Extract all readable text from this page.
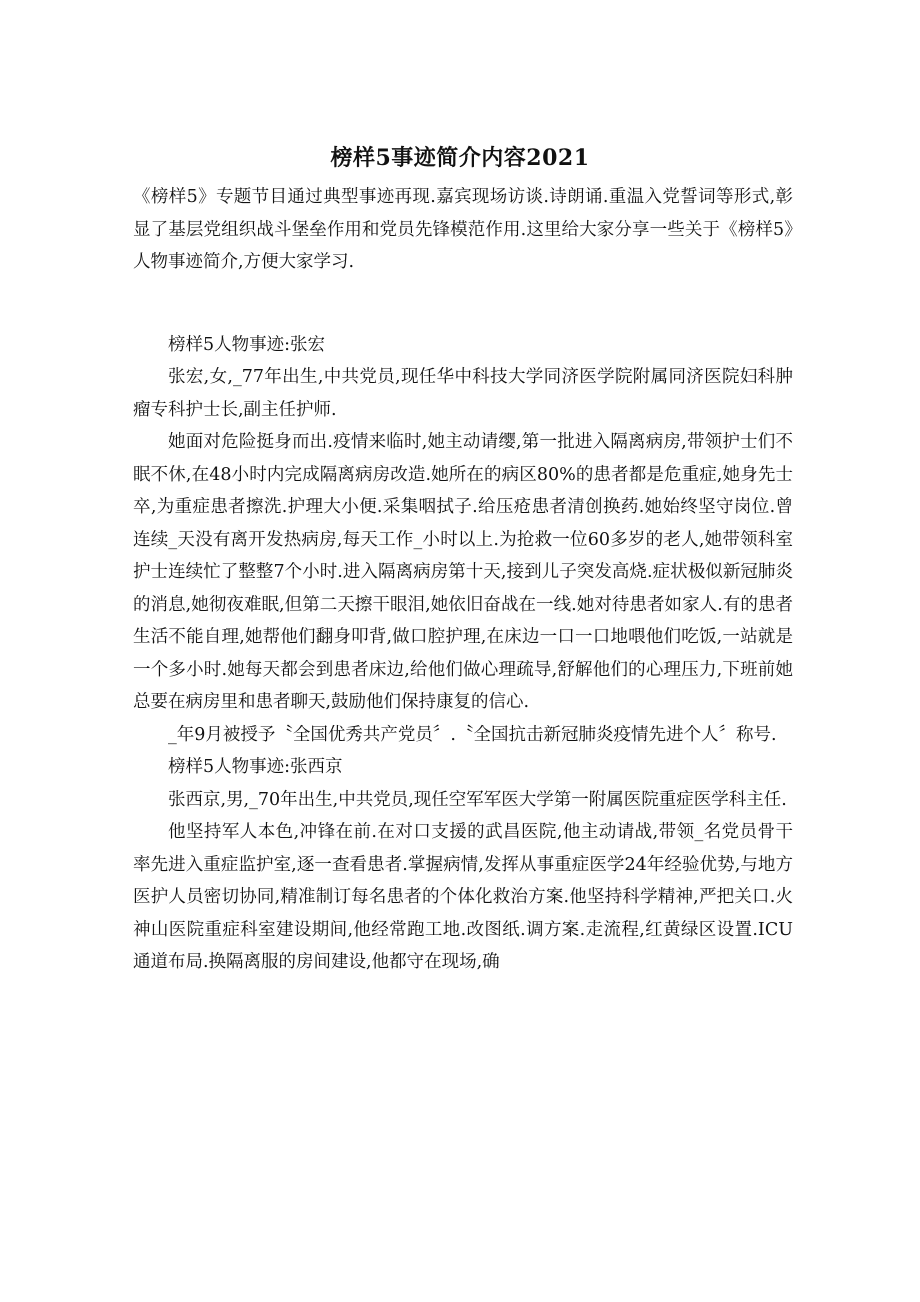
榜样5事迹简介内容2021

《榜样5》专题节目通过典型事迹再现.嘉宾现场访谈.诗朗诵.重温入党誓词等形式,彰显了基层党组织战斗堡垒作用和党员先锋模范作用.这里给大家分享一些关于《榜样5》人物事迹简介,方便大家学习.

榜样5人物事迹:张宏

张宏,女,_77年出生,中共党员,现任华中科技大学同济医学院附属同济医院妇科肿瘤专科护士长,副主任护师.

她面对危险挺身而出.疫情来临时,她主动请缨,第一批进入隔离病房,带领护士们不眠不休,在48小时内完成隔离病房改造.她所在的病区80%的患者都是危重症,她身先士卒,为重症患者擦洗.护理大小便.采集咽拭子.给压疮患者清创换药.她始终坚守岗位.曾连续_天没有离开发热病房,每天工作_小时以上.为抢救一位60多岁的老人,她带领科室护士连续忙了整整7个小时.进入隔离病房第十天,接到儿子突发高烧.症状极似新冠肺炎的消息,她彻夜难眠,但第二天擦干眼泪,她依旧奋战在一线.她对待患者如家人.有的患者生活不能自理,她帮他们翻身叩背,做口腔护理,在床边一口一口地喂他们吃饭,一站就是一个多小时.她每天都会到患者床边,给他们做心理疏导,舒解他们的心理压力,下班前她总要在病房里和患者聊天,鼓励他们保持康复的信心.

_年9月被授予〝全国优秀共产党员〞.〝全国抗击新冠肺炎疫情先进个人〞称号.

榜样5人物事迹:张西京

张西京,男,_70年出生,中共党员,现任空军军医大学第一附属医院重症医学科主任.

他坚持军人本色,冲锋在前.在对口支援的武昌医院,他主动请战,带领_名党员骨干率先进入重症监护室,逐一查看患者.掌握病情,发挥从事重症医学24年经验优势,与地方医护人员密切协同,精准制订每名患者的个体化救治方案.他坚持科学精神,严把关口.火神山医院重症科室建设期间,他经常跑工地.改图纸.调方案.走流程,红黄绿区设置.ICU通道布局.换隔离服的房间建设,他都守在现场,确
